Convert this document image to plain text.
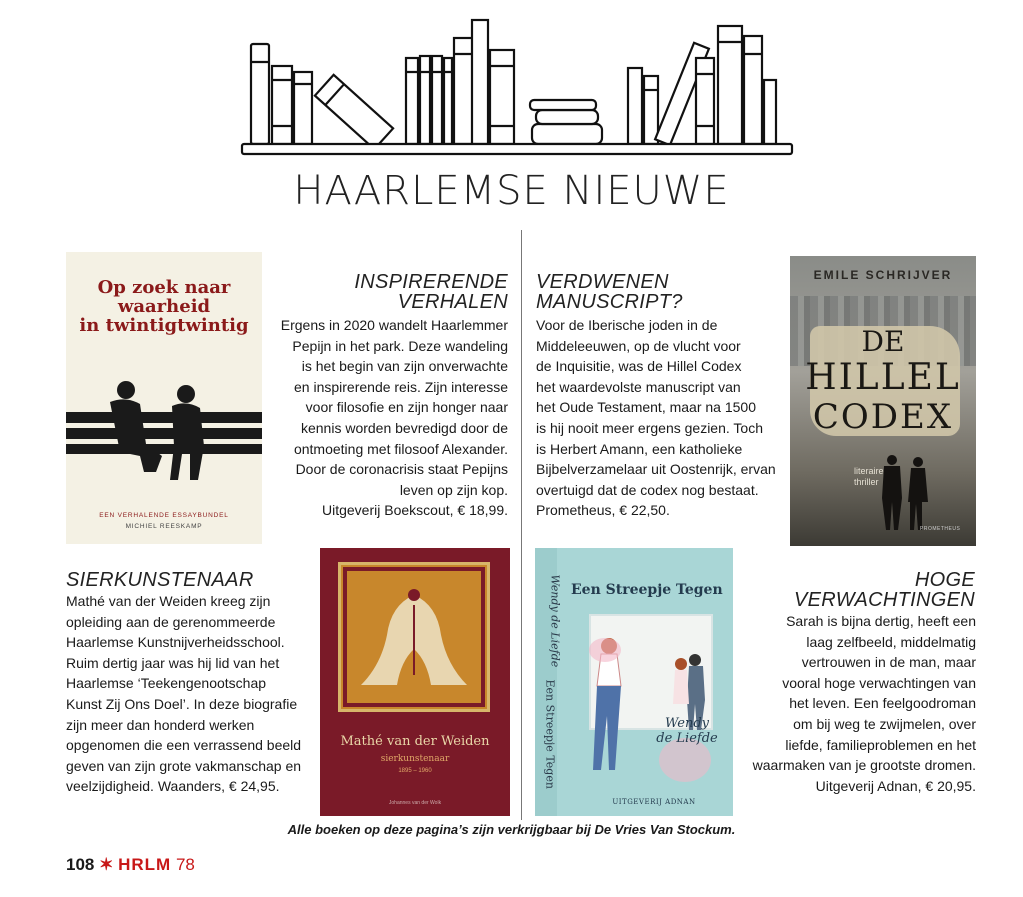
HAARLEMSE NIEUWE
Op zoek naar
waarheid
in twintigtwintig
EEN VERHALENDE ESSAYBUNDEL
MICHIEL REESKAMP
INSPIRERENDE
VERHALEN
Ergens in 2020 wandelt Haarlemmer
Pepijn in het park. Deze wandeling
is het begin van zijn onverwachte
en inspirerende reis. Zijn interesse
voor filosofie en zijn honger naar
kennis worden bevredigd door de
ontmoeting met filosoof Alexander.
Door de coronacrisis staat Pepijns
leven op zijn kop.
Uitgeverij Boekscout, € 18,99.
VERDWENEN
MANUSCRIPT?
Voor de Iberische joden in de
Middeleeuwen, op de vlucht voor
de Inquisitie, was de Hillel Codex
het waardevolste manuscript van
het Oude Testament, maar na 1500
is hij nooit meer ergens gezien. Toch
is Herbert Amann, een katholieke
Bijbelverzamelaar uit Oostenrijk, ervan
overtuigd dat de codex nog bestaat.
Prometheus, € 22,50.
EMILE SCHRIJVER
DE
HILLEL
CODEX
literaire
thriller
PROMETHEUS
SIERKUNSTENAAR
Mathé van der Weiden kreeg zijn
opleiding aan de gerenommeerde
Haarlemse Kunstnijverheidsschool.
Ruim dertig jaar was hij lid van het
Haarlemse ‘Teekengenootschap
Kunst Zij Ons Doel’. In deze biografie
zijn meer dan honderd werken
opgenomen die een verrassend beeld
geven van zijn grote vakmanschap en
veelzijdigheid. Waanders, € 24,95.
Mathé van der Weiden
sierkunstenaar
1895 – 1960
Johannes van der Wolk
Wendy de Liefde
Een Streepje Tegen
Een Streepje Tegen
Wendy
de Liefde
UITGEVERIJ ADNAN
HOGE
VERWACHTINGEN
Sarah is bijna dertig, heeft een
laag zelfbeeld, middelmatig
vertrouwen in de man, maar
vooral hoge verwachtingen van
het leven. Een feelgoodroman
om bij weg te zwijmelen, over
liefde, familieproblemen en het
waarmaken van je grootste dromen.
Uitgeverij Adnan, € 20,95.
Alle boeken op deze pagina’s zijn verkrijgbaar bij De Vries Van Stockum.
108 ✶ HRLM 78
